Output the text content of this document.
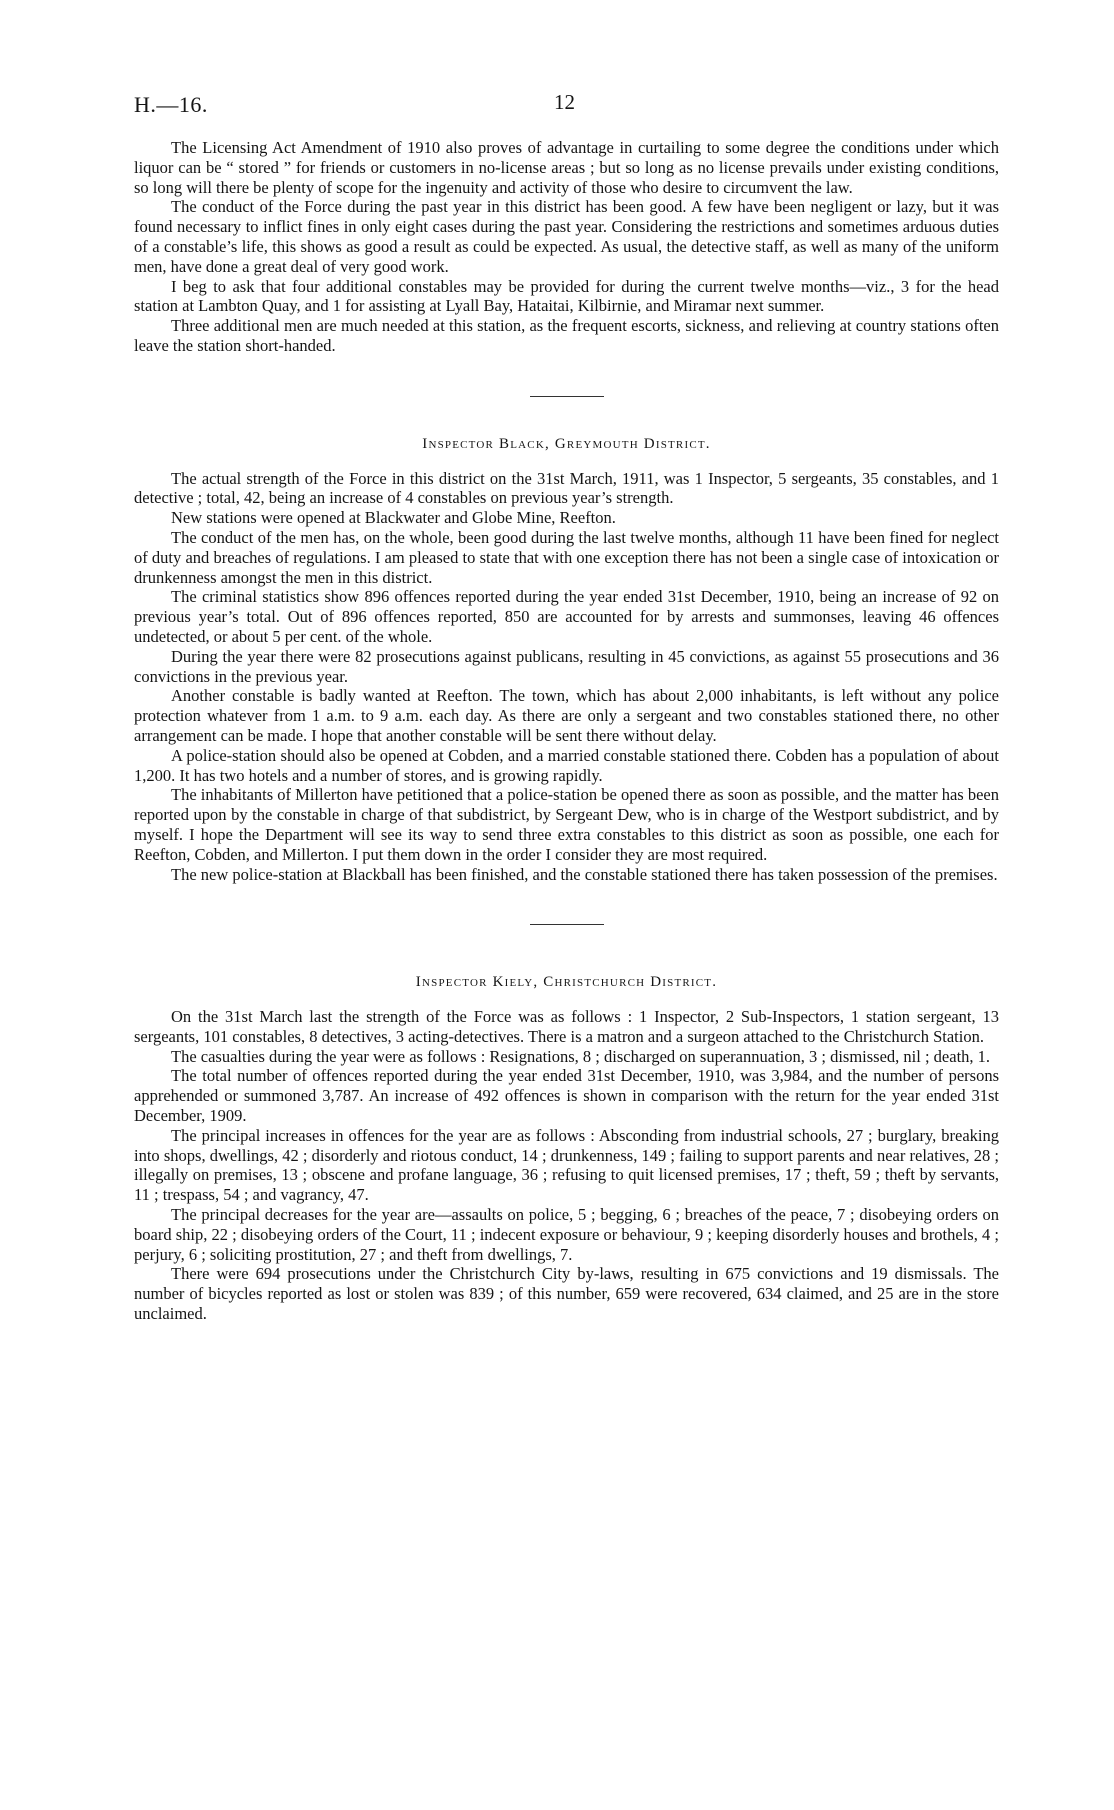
H.—16.	12

The Licensing Act Amendment of 1910 also proves of advantage in curtailing to some degree the conditions under which liquor can be “ stored ” for friends or customers in no-license areas ; but so long as no license prevails under existing conditions, so long will there be plenty of scope for the ingenuity and activity of those who desire to circumvent the law.

The conduct of the Force during the past year in this district has been good. A few have been negligent or lazy, but it was found necessary to inflict fines in only eight cases during the past year. Considering the restrictions and sometimes arduous duties of a constable’s life, this shows as good a result as could be expected. As usual, the detective staff, as well as many of the uniform men, have done a great deal of very good work.

I beg to ask that four additional constables may be provided for during the current twelve months—viz., 3 for the head station at Lambton Quay, and 1 for assisting at Lyall Bay, Hataitai, Kilbirnie, and Miramar next summer.

Three additional men are much needed at this station, as the frequent escorts, sickness, and relieving at country stations often leave the station short-handed.

Inspector Black, Greymouth District.

The actual strength of the Force in this district on the 31st March, 1911, was 1 Inspector, 5 sergeants, 35 constables, and 1 detective ; total, 42, being an increase of 4 constables on previous year’s strength.

New stations were opened at Blackwater and Globe Mine, Reefton.

The conduct of the men has, on the whole, been good during the last twelve months, although 11 have been fined for neglect of duty and breaches of regulations. I am pleased to state that with one exception there has not been a single case of intoxication or drunkenness amongst the men in this district.

The criminal statistics show 896 offences reported during the year ended 31st December, 1910, being an increase of 92 on previous year’s total. Out of 896 offences reported, 850 are accounted for by arrests and summonses, leaving 46 offences undetected, or about 5 per cent. of the whole.

During the year there were 82 prosecutions against publicans, resulting in 45 convictions, as against 55 prosecutions and 36 convictions in the previous year.

Another constable is badly wanted at Reefton. The town, which has about 2,000 inhabitants, is left without any police protection whatever from 1 a.m. to 9 a.m. each day. As there are only a sergeant and two constables stationed there, no other arrangement can be made. I hope that another constable will be sent there without delay.

A police-station should also be opened at Cobden, and a married constable stationed there. Cobden has a population of about 1,200. It has two hotels and a number of stores, and is growing rapidly.

The inhabitants of Millerton have petitioned that a police-station be opened there as soon as possible, and the matter has been reported upon by the constable in charge of that subdistrict, by Sergeant Dew, who is in charge of the Westport subdistrict, and by myself. I hope the Department will see its way to send three extra constables to this district as soon as possible, one each for Reefton, Cobden, and Millerton. I put them down in the order I consider they are most required.

The new police-station at Blackball has been finished, and the constable stationed there has taken possession of the premises.

Inspector Kiely, Christchurch District.

On the 31st March last the strength of the Force was as follows : 1 Inspector, 2 Sub-Inspectors, 1 station sergeant, 13 sergeants, 101 constables, 8 detectives, 3 acting-detectives. There is a matron and a surgeon attached to the Christchurch Station.

The casualties during the year were as follows : Resignations, 8 ; discharged on superannuation, 3 ; dismissed, nil ; death, 1.

The total number of offences reported during the year ended 31st December, 1910, was 3,984, and the number of persons apprehended or summoned 3,787. An increase of 492 offences is shown in comparison with the return for the year ended 31st December, 1909.

The principal increases in offences for the year are as follows : Absconding from industrial schools, 27 ; burglary, breaking into shops, dwellings, 42 ; disorderly and riotous conduct, 14 ; drunkenness, 149 ; failing to support parents and near relatives, 28 ; illegally on premises, 13 ; obscene and profane language, 36 ; refusing to quit licensed premises, 17 ; theft, 59 ; theft by servants, 11 ; trespass, 54 ; and vagrancy, 47.

The principal decreases for the year are—assaults on police, 5 ; begging, 6 ; breaches of the peace, 7 ; disobeying orders on board ship, 22 ; disobeying orders of the Court, 11 ; indecent exposure or behaviour, 9 ; keeping disorderly houses and brothels, 4 ; perjury, 6 ; soliciting prostitution, 27 ; and theft from dwellings, 7.

There were 694 prosecutions under the Christchurch City by-laws, resulting in 675 convictions and 19 dismissals. The number of bicycles reported as lost or stolen was 839 ; of this number, 659 were recovered, 634 claimed, and 25 are in the store unclaimed.
